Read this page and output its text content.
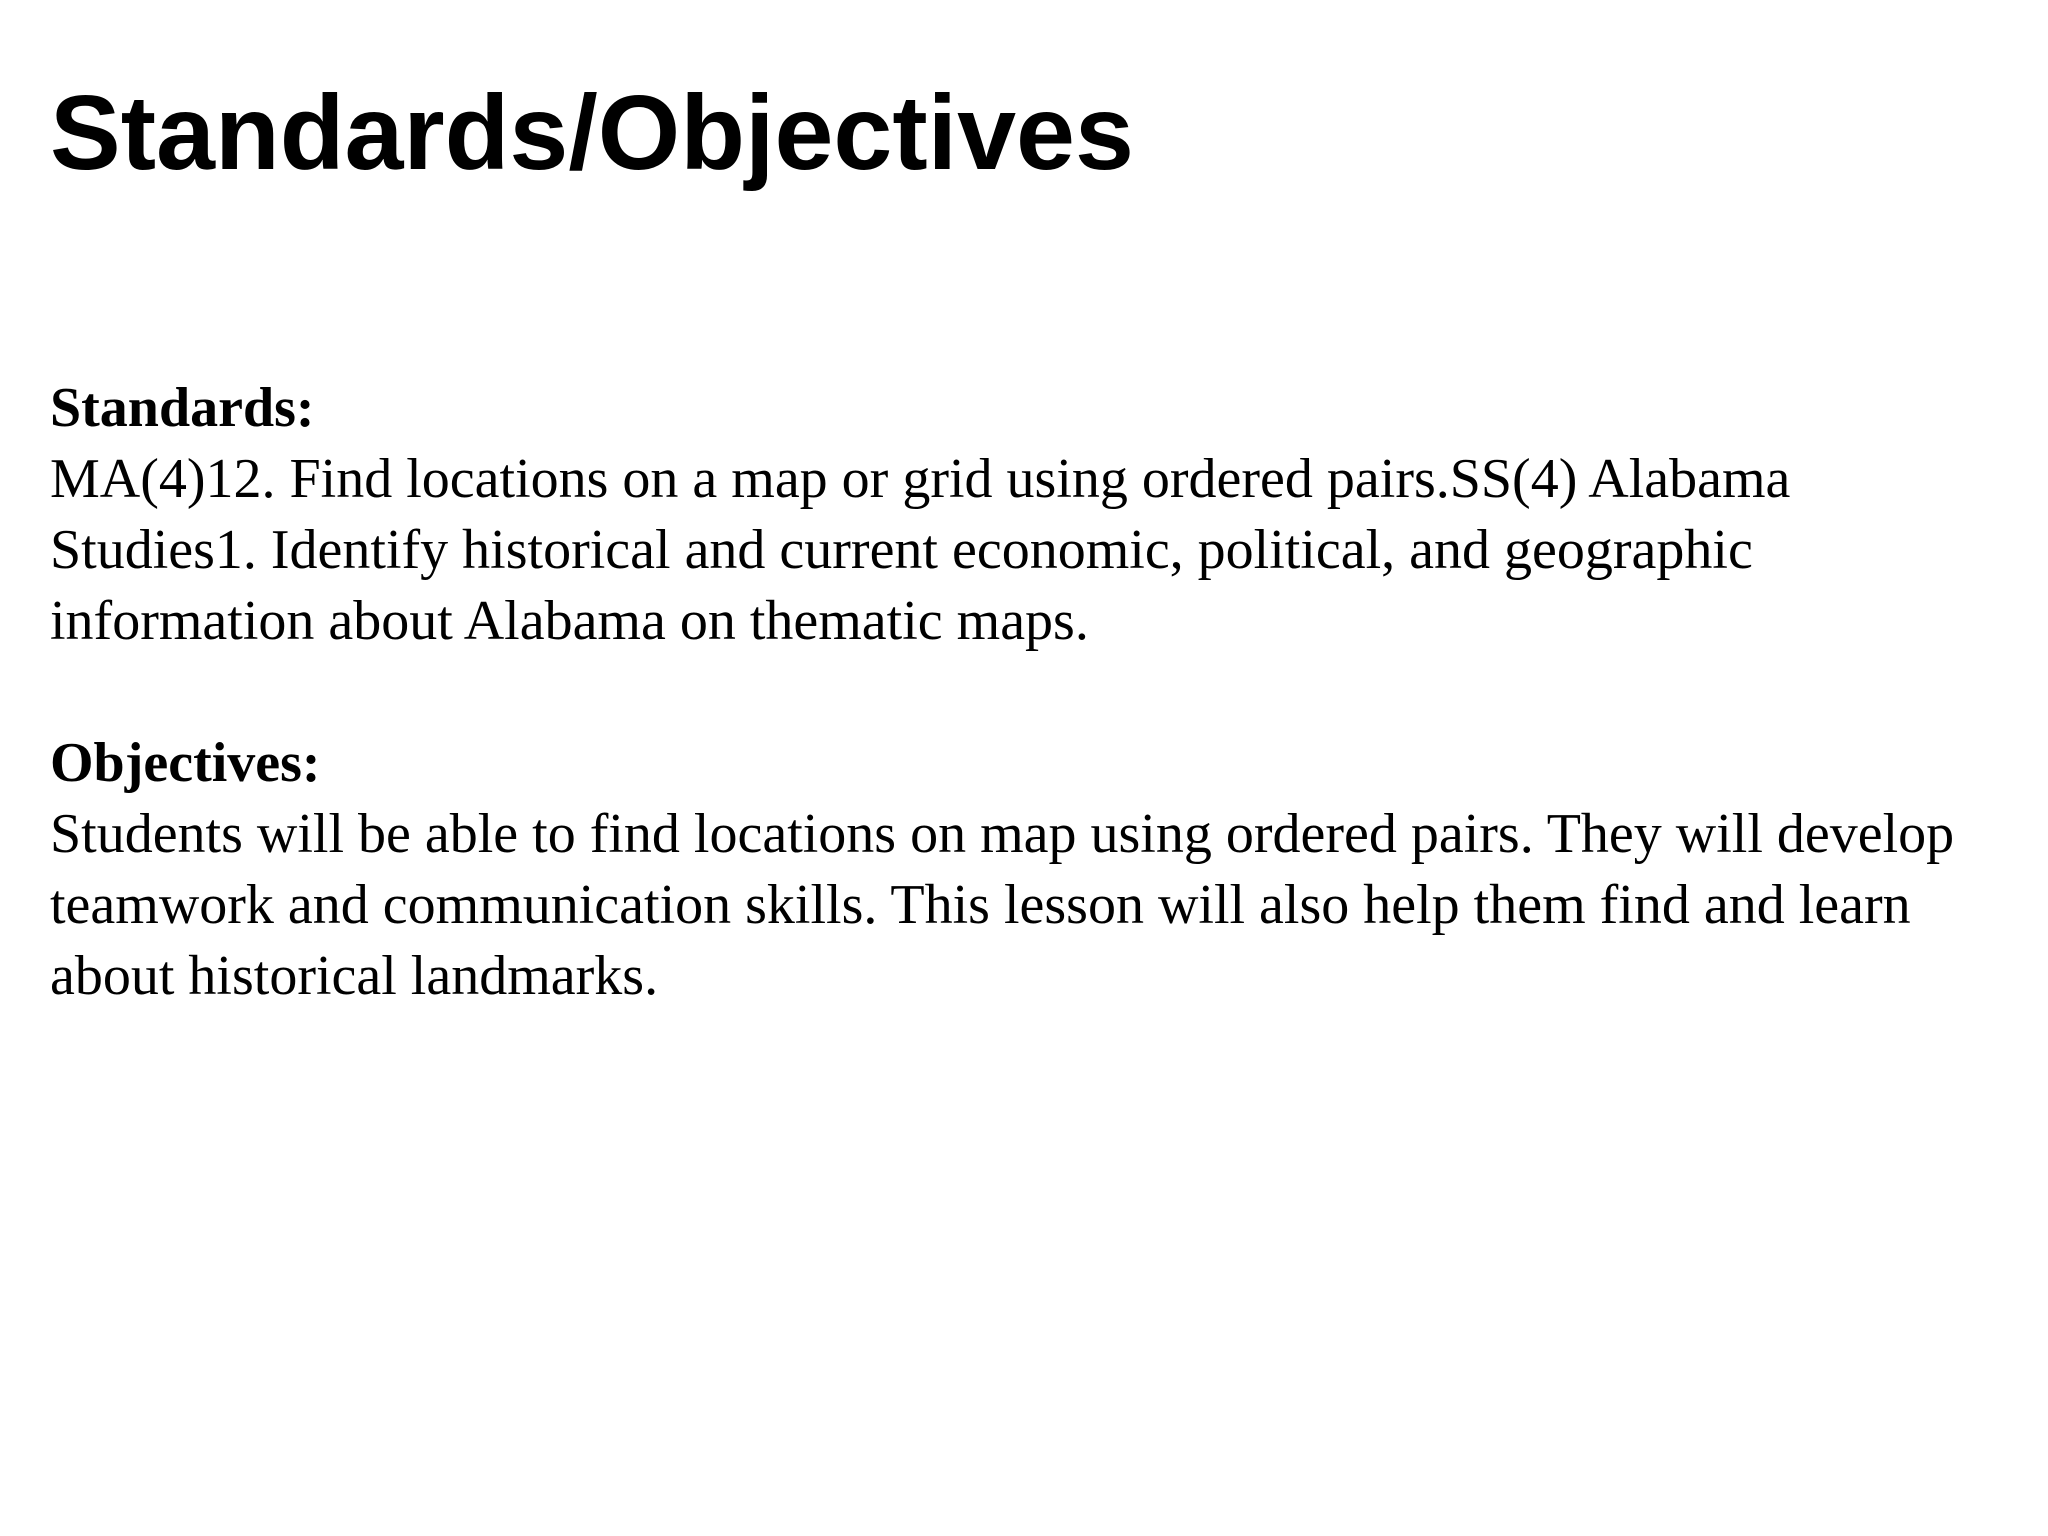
Standards/Objectives
Standards:
MA(4)12. Find locations on a map or grid using ordered pairs.SS(4) Alabama Studies1. Identify historical and current economic, political, and geographic information about Alabama on thematic maps.
Objectives:
Students will be able to find locations on map using ordered pairs. They will develop teamwork and communication skills. This lesson will also help them find and learn about historical landmarks.
